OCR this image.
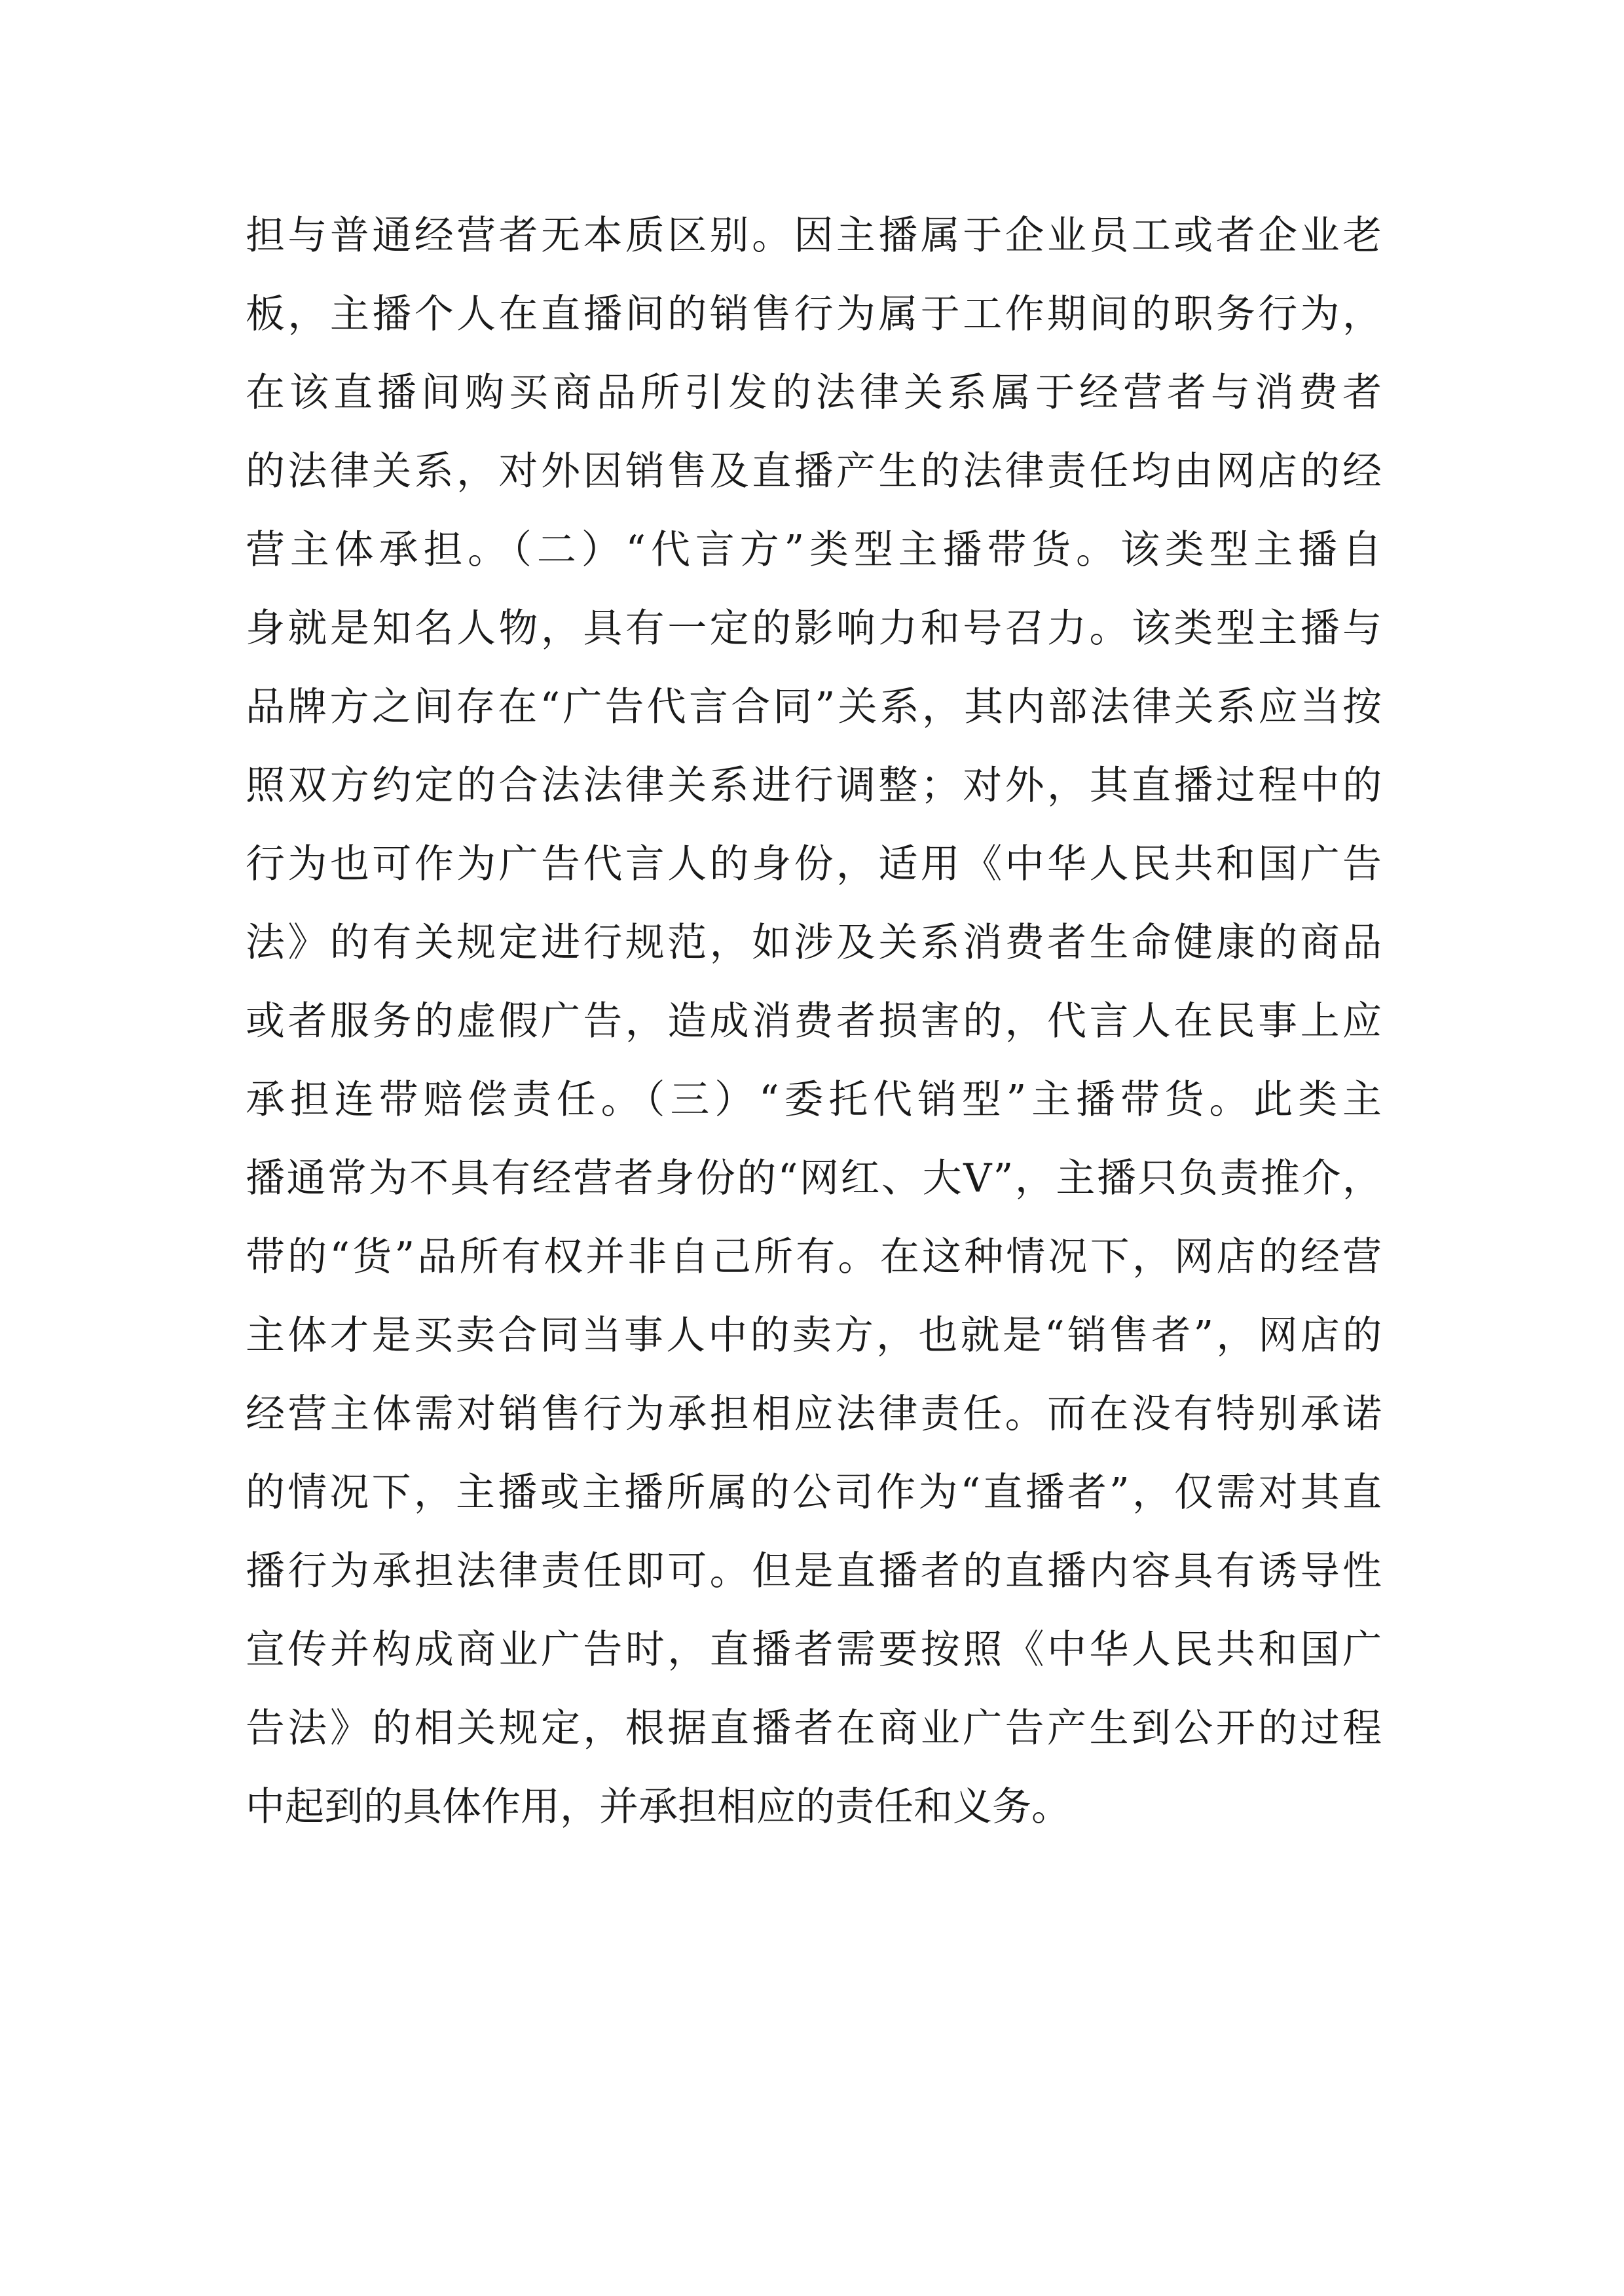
担与普通经营者无本质区别。因主播属于企业员工或者企业老
板，主播个人在直播间的销售行为属于工作期间的职务行为，
在该直播间购买商品所引发的法律关系属于经营者与消费者
的法律关系，对外因销售及直播产生的法律责任均由网店的经
营主体承担。（二）“代言方”类型主播带货。该类型主播自
身就是知名人物，具有一定的影响力和号召力。该类型主播与
品牌方之间存在“广告代言合同”关系，其内部法律关系应当按
照双方约定的合法法律关系进行调整；对外，其直播过程中的
行为也可作为广告代言人的身份，适用《中华人民共和国广告
法》的有关规定进行规范，如涉及关系消费者生命健康的商品
或者服务的虚假广告，造成消费者损害的，代言人在民事上应
承担连带赔偿责任。（三）“委托代销型”主播带货。此类主
播通常为不具有经营者身份的“网红、大V”，主播只负责推介，
带的“货”品所有权并非自己所有。在这种情况下，网店的经营
主体才是买卖合同当事人中的卖方，也就是“销售者”，网店的
经营主体需对销售行为承担相应法律责任。而在没有特别承诺
的情况下，主播或主播所属的公司作为“直播者”，仅需对其直
播行为承担法律责任即可。但是直播者的直播内容具有诱导性
宣传并构成商业广告时，直播者需要按照《中华人民共和国广
告法》的相关规定，根据直播者在商业广告产生到公开的过程
中起到的具体作用，并承担相应的责任和义务。
